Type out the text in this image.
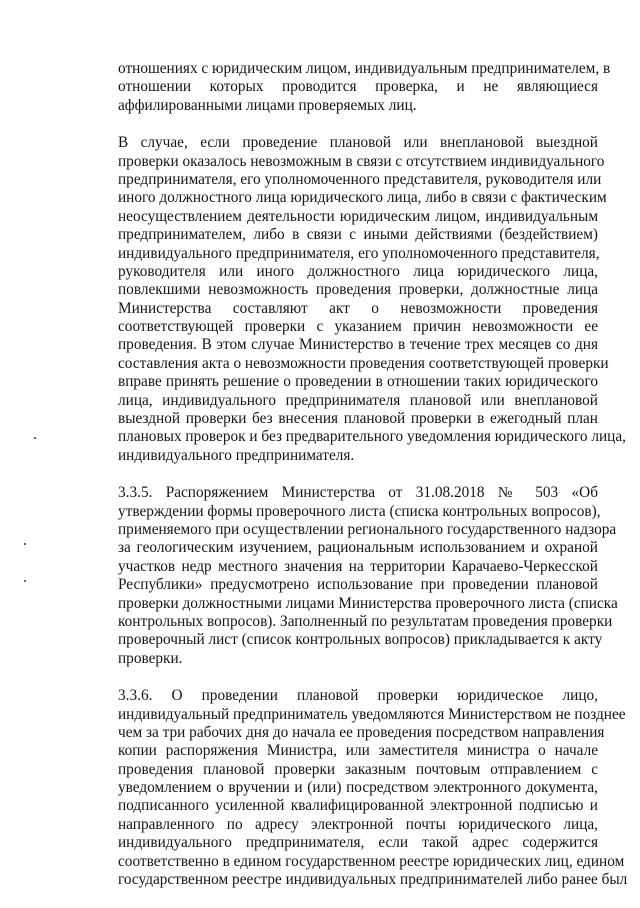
отношениях с юридическим лицом, индивидуальным предпринимателем, в
отношении которых проводится проверка, и не являющиеся
аффилированными лицами проверяемых лиц.
В случае, если проведение плановой или внеплановой выездной
проверки оказалось невозможным в связи с отсутствием индивидуального
предпринимателя, его уполномоченного представителя, руководителя или
иного должностного лица юридического лица, либо в связи с фактическим
неосуществлением деятельности юридическим лицом, индивидуальным
предпринимателем, либо в связи с иными действиями (бездействием)
индивидуального предпринимателя, его уполномоченного представителя,
руководителя или иного должностного лица юридического лица,
повлекшими невозможность проведения проверки, должностные лица
Министерства составляют акт о невозможности проведения
соответствующей проверки с указанием причин невозможности ее
проведения. В этом случае Министерство в течение трех месяцев со дня
составления акта о невозможности проведения соответствующей проверки
вправе принять решение о проведении в отношении таких юридического
лица, индивидуального предпринимателя плановой или внеплановой
выездной проверки без внесения плановой проверки в ежегодный план
плановых проверок и без предварительного уведомления юридического лица,
индивидуального предпринимателя.
3.3.5. Распоряжением Министерства от 31.08.2018 № 503 «Об
утверждении формы проверочного листа (списка контрольных вопросов),
применяемого при осуществлении регионального государственного надзора
за геологическим изучением, рациональным использованием и охраной
участков недр местного значения на территории Карачаево-Черкесской
Республики» предусмотрено использование при проведении плановой
проверки должностными лицами Министерства проверочного листа (списка
контрольных вопросов). Заполненный по результатам проведения проверки
проверочный лист (список контрольных вопросов) прикладывается к акту
проверки.
3.3.6. О проведении плановой проверки юридическое лицо,
индивидуальный предприниматель уведомляются Министерством не позднее
чем за три рабочих дня до начала ее проведения посредством направления
копии распоряжения Министра, или заместителя министра о начале
проведения плановой проверки заказным почтовым отправлением с
уведомлением о вручении и (или) посредством электронного документа,
подписанного усиленной квалифицированной электронной подписью и
направленного по адресу электронной почты юридического лица,
индивидуального предпринимателя, если такой адрес содержится
соответственно в едином государственном реестре юридических лиц, едином
государственном реестре индивидуальных предпринимателей либо ранее был
